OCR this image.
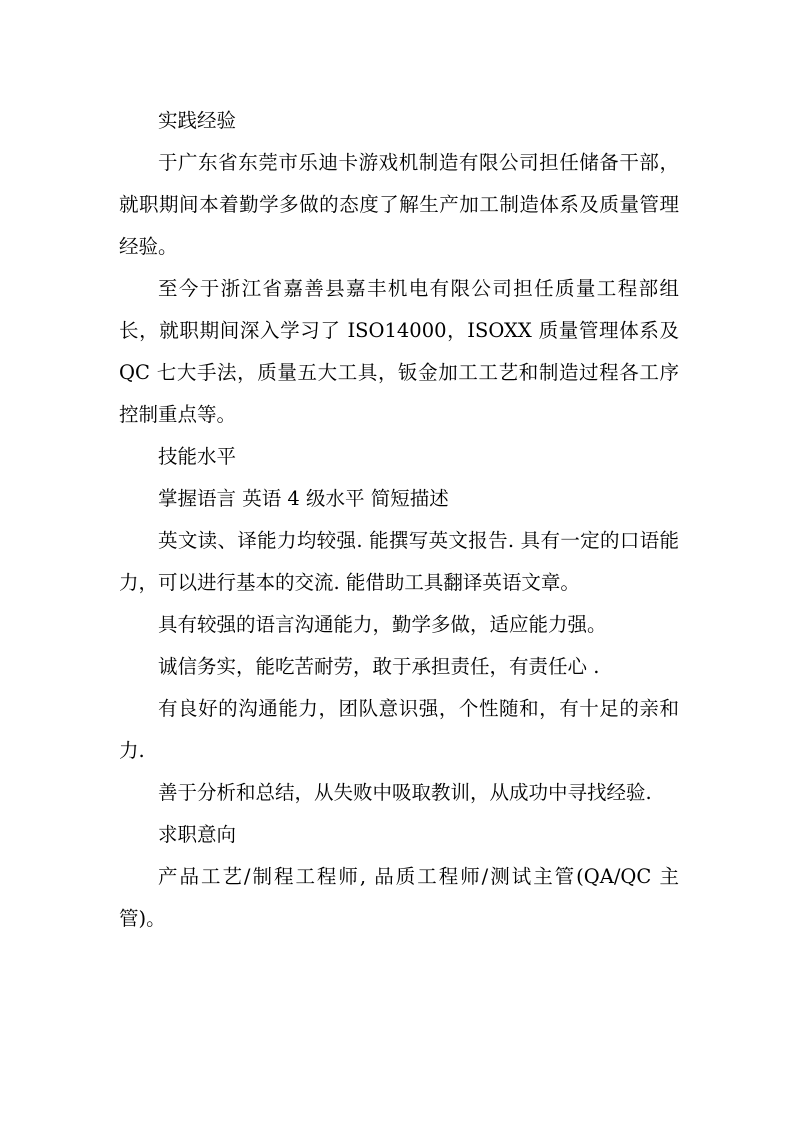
实践经验

于广东省东莞市乐迪卡游戏机制造有限公司担任储备干部，就职期间本着勤学多做的态度了解生产加工制造体系及质量管理经验。

至今于浙江省嘉善县嘉丰机电有限公司担任质量工程部组长，就职期间深入学习了 ISO14000，ISOXX 质量管理体系及 QC 七大手法，质量五大工具，钣金加工工艺和制造过程各工序控制重点等。

技能水平

掌握语言 英语 4 级水平 简短描述

英文读、译能力均较强. 能撰写英文报告. 具有一定的口语能力，可以进行基本的交流. 能借助工具翻译英语文章。

具有较强的语言沟通能力，勤学多做，适应能力强。

诚信务实，能吃苦耐劳，敢于承担责任，有责任心 .

有良好的沟通能力，团队意识强，个性随和，有十足的亲和力.

善于分析和总结，从失败中吸取教训，从成功中寻找经验.

求职意向

产品工艺/制程工程师, 品质工程师/测试主管(QA/QC 主管)。
